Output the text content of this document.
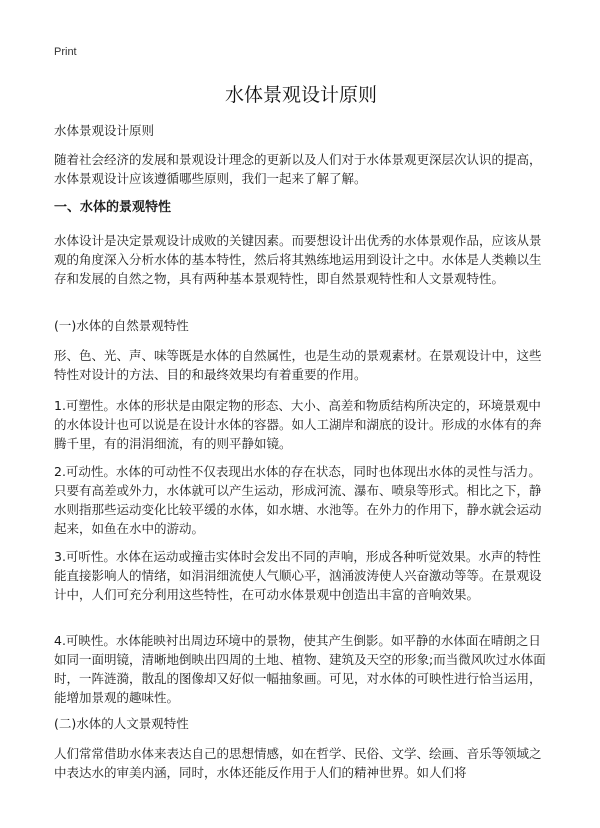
Print
水体景观设计原则

水体景观设计原则

随着社会经济的发展和景观设计理念的更新以及人们对于水体景观更深层次认识的提高，水体景观设计应该遵循哪些原则，我们一起来了解了解。

一、水体的景观特性

水体设计是决定景观设计成败的关键因素。而要想设计出优秀的水体景观作品，应该从景观的角度深入分析水体的基本特性，然后将其熟练地运用到设计之中。水体是人类赖以生存和发展的自然之物，具有两种基本景观特性，即自然景观特性和人文景观特性。

(一)水体的自然景观特性

形、色、光、声、味等既是水体的自然属性，也是生动的景观素材。在景观设计中，这些特性对设计的方法、目的和最终效果均有着重要的作用。

1.可塑性。水体的形状是由限定物的形态、大小、高差和物质结构所决定的，环境景观中的水体设计也可以说是在设计水体的容器。如人工湖岸和湖底的设计。形成的水体有的奔腾千里，有的涓涓细流，有的则平静如镜。

2.可动性。水体的可动性不仅表现出水体的存在状态，同时也体现出水体的灵性与活力。只要有高差或外力，水体就可以产生运动，形成河流、瀑布、喷泉等形式。相比之下，静水则指那些运动变化比较平缓的水体，如水塘、水池等。在外力的作用下，静水就会运动起来，如鱼在水中的游动。

3.可听性。水体在运动或撞击实体时会发出不同的声响，形成各种听觉效果。水声的特性能直接影响人的情绪，如涓涓细流使人气顺心平，汹涌波涛使人兴奋激动等等。在景观设计中，人们可充分利用这些特性，在可动水体景观中创造出丰富的音响效果。

4.可映性。水体能映衬出周边环境中的景物，使其产生倒影。如平静的水体面在晴朗之日如同一面明镜，清晰地倒映出四周的土地、植物、建筑及天空的形象;而当微风吹过水体面时，一阵涟漪，散乱的图像却又好似一幅抽象画。可见，对水体的可映性进行恰当运用，能增加景观的趣味性。

(二)水体的人文景观特性

人们常常借助水体来表达自己的思想情感，如在哲学、民俗、文学、绘画、音乐等领域之中表达水的审美内涵，同时，水体还能反作用于人们的精神世界。如人们将
